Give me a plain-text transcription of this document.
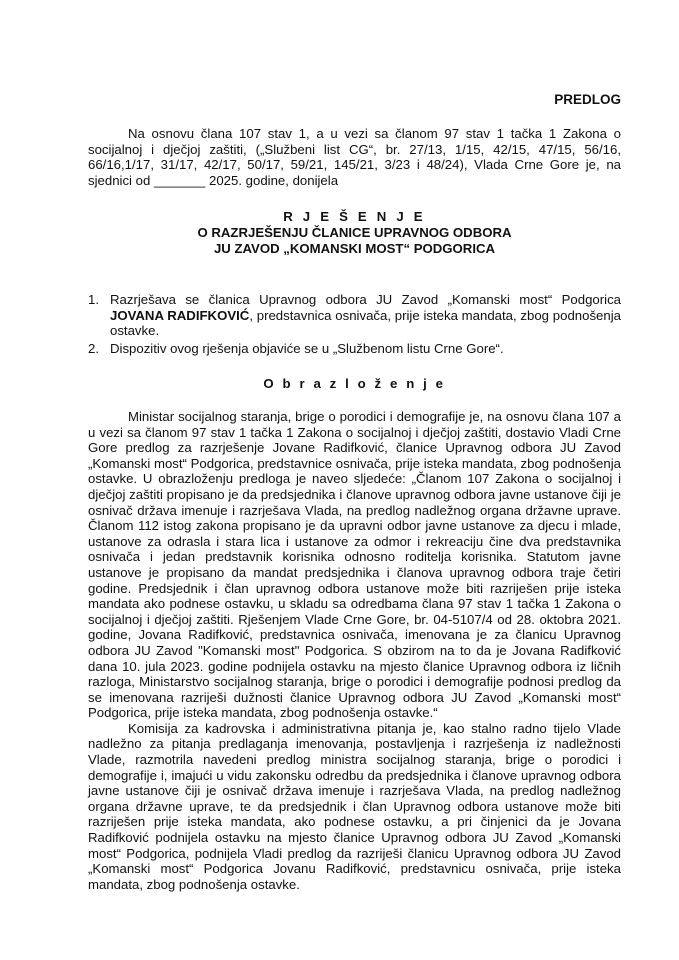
PREDLOG

Na osnovu člana 107 stav 1, a u vezi sa članom 97 stav 1 tačka 1 Zakona o socijalnoj i dječjoj zaštiti, („Službeni list CG“, br. 27/13, 1/15, 42/15, 47/15, 56/16, 66/16,1/17, 31/17, 42/17, 50/17, 59/21, 145/21, 3/23 i 48/24), Vlada Crne Gore je, na sjednici od _______ 2025. godine, donijela

R J E Š E N J E
O RAZRJEŠENJU ČLANICE UPRAVNOG ODBORA
JU ZAVOD „KOMANSKI MOST“ PODGORICA
1. Razrješava se članica Upravnog odbora JU Zavod „Komanski most“ Podgorica JOVANA RADIFKOVIĆ, predstavnica osnivača, prije isteka mandata, zbog podnošenja ostavke.
2. Dispozitiv ovog rješenja objaviće se u „Službenom listu Crne Gore“.
O b r a z l o ž e n j e

Ministar socijalnog staranja, brige o porodici i demografije je, na osnovu člana 107 a u vezi sa članom 97 stav 1 tačka 1 Zakona o socijalnoj i dječjoj zaštiti, dostavio Vladi Crne Gore predlog za razrješenje Jovane Radifković, članice Upravnog odbora JU Zavod „Komanski most“ Podgorica, predstavnice osnivača, prije isteka mandata, zbog podnošenja ostavke. U obrazloženju predloga je naveo sljedeće: „Članom 107 Zakona o socijalnoj i dječjoj zaštiti propisano je da predsjednika i članove upravnog odbora javne ustanove čiji je osnivač država imenuje i razrješava Vlada, na predlog nadležnog organa državne uprave. Članom 112 istog zakona propisano je da upravni odbor javne ustanove za djecu i mlade, ustanove za odrasla i stara lica i ustanove za odmor i rekreaciju čine dva predstavnika osnivača i jedan predstavnik korisnika odnosno roditelja korisnika. Statutom javne ustanove je propisano da mandat predsjednika i članova upravnog odbora traje četiri godine. Predsjednik i član upravnog odbora ustanove može biti razriješen prije isteka mandata ako podnese ostavku, u skladu sa odredbama člana 97 stav 1 tačka 1 Zakona o socijalnoj i dječjoj zaštiti. Rješenjem Vlade Crne Gore, br. 04-5107/4 od 28. oktobra 2021. godine, Jovana Radifković, predstavnica osnivača, imenovana je za članicu Upravnog odbora JU Zavod "Komanski most" Podgorica. S obzirom na to da je Jovana Radifković dana 10. jula 2023. godine podnijela ostavku na mjesto članice Upravnog odbora iz ličnih razloga, Ministarstvo socijalnog staranja, brige o porodici i demografije podnosi predlog da se imenovana razriješi dužnosti članice Upravnog odbora JU Zavod „Komanski most“ Podgorica, prije isteka mandata, zbog podnošenja ostavke.“

Komisija za kadrovska i administrativna pitanja je, kao stalno radno tijelo Vlade nadležno za pitanja predlaganja imenovanja, postavljenja i razrješenja iz nadležnosti Vlade, razmotrila navedeni predlog ministra socijalnog staranja, brige o porodici i demografije i, imajući u vidu zakonsku odredbu da predsjednika i članove upravnog odbora javne ustanove čiji je osnivač država imenuje i razrješava Vlada, na predlog nadležnog organa državne uprave, te da predsjednik i član Upravnog odbora ustanove može biti razriješen prije isteka mandata, ako podnese ostavku, a pri činjenici da je Jovana Radifković podnijela ostavku na mjesto članice Upravnog odbora JU Zavod „Komanski most“ Podgorica, podnijela Vladi predlog da razriješi članicu Upravnog odbora JU Zavod „Komanski most“ Podgorica Jovanu Radifković, predstavnicu osnivača, prije isteka mandata, zbog podnošenja ostavke.
